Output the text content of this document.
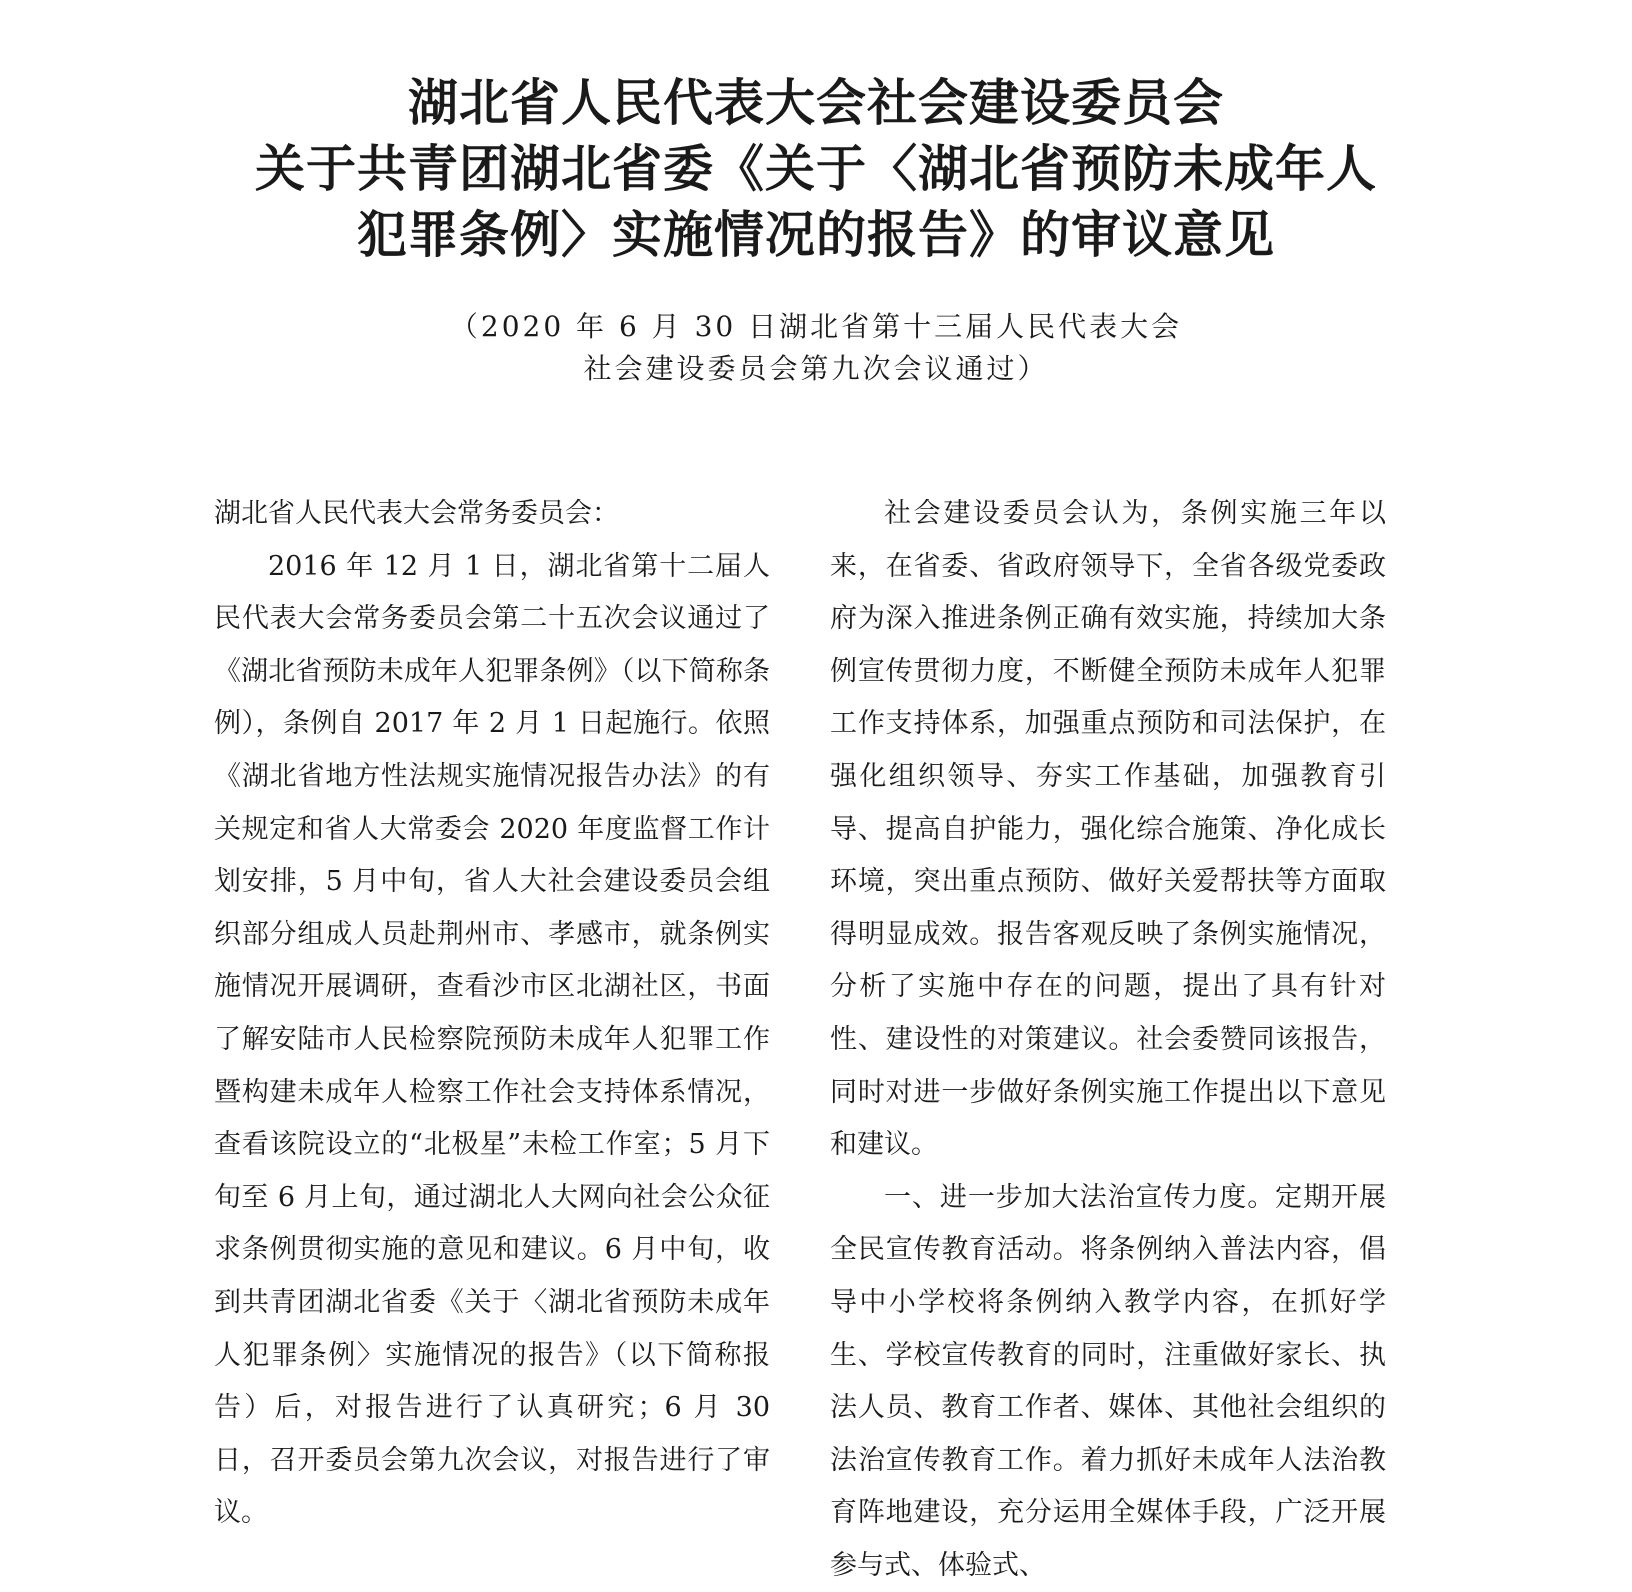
湖北省人民代表大会社会建设委员会
关于共青团湖北省委《关于〈湖北省预防未成年人
犯罪条例〉实施情况的报告》的审议意见
（2020 年 6 月 30 日湖北省第十三届人民代表大会
社会建设委员会第九次会议通过）

湖北省人民代表大会常务委员会：

2016 年 12 月 1 日，湖北省第十二届人民代表大会常务委员会第二十五次会议通过了《湖北省预防未成年人犯罪条例》（以下简称条例），条例自 2017 年 2 月 1 日起施行。依照《湖北省地方性法规实施情况报告办法》的有关规定和省人大常委会 2020 年度监督工作计划安排，5 月中旬，省人大社会建设委员会组织部分组成人员赴荆州市、孝感市，就条例实施情况开展调研，查看沙市区北湖社区，书面了解安陆市人民检察院预防未成年人犯罪工作暨构建未成年人检察工作社会支持体系情况，查看该院设立的“北极星”未检工作室；5 月下旬至 6 月上旬，通过湖北人大网向社会公众征求条例贯彻实施的意见和建议。6 月中旬，收到共青团湖北省委《关于〈湖北省预防未成年人犯罪条例〉实施情况的报告》（以下简称报告）后，对报告进行了认真研究；6 月 30 日，召开委员会第九次会议，对报告进行了审议。

社会建设委员会认为，条例实施三年以来，在省委、省政府领导下，全省各级党委政府为深入推进条例正确有效实施，持续加大条例宣传贯彻力度，不断健全预防未成年人犯罪工作支持体系，加强重点预防和司法保护，在强化组织领导、夯实工作基础，加强教育引导、提高自护能力，强化综合施策、净化成长环境，突出重点预防、做好关爱帮扶等方面取得明显成效。报告客观反映了条例实施情况，分析了实施中存在的问题，提出了具有针对性、建设性的对策建议。社会委赞同该报告，同时对进一步做好条例实施工作提出以下意见和建议。

一、进一步加大法治宣传力度。定期开展全民宣传教育活动。将条例纳入普法内容，倡导中小学校将条例纳入教学内容，在抓好学生、学校宣传教育的同时，注重做好家长、执法人员、教育工作者、媒体、其他社会组织的法治宣传教育工作。着力抓好未成年人法治教育阵地建设，充分运用全媒体手段，广泛开展参与式、体验式、
